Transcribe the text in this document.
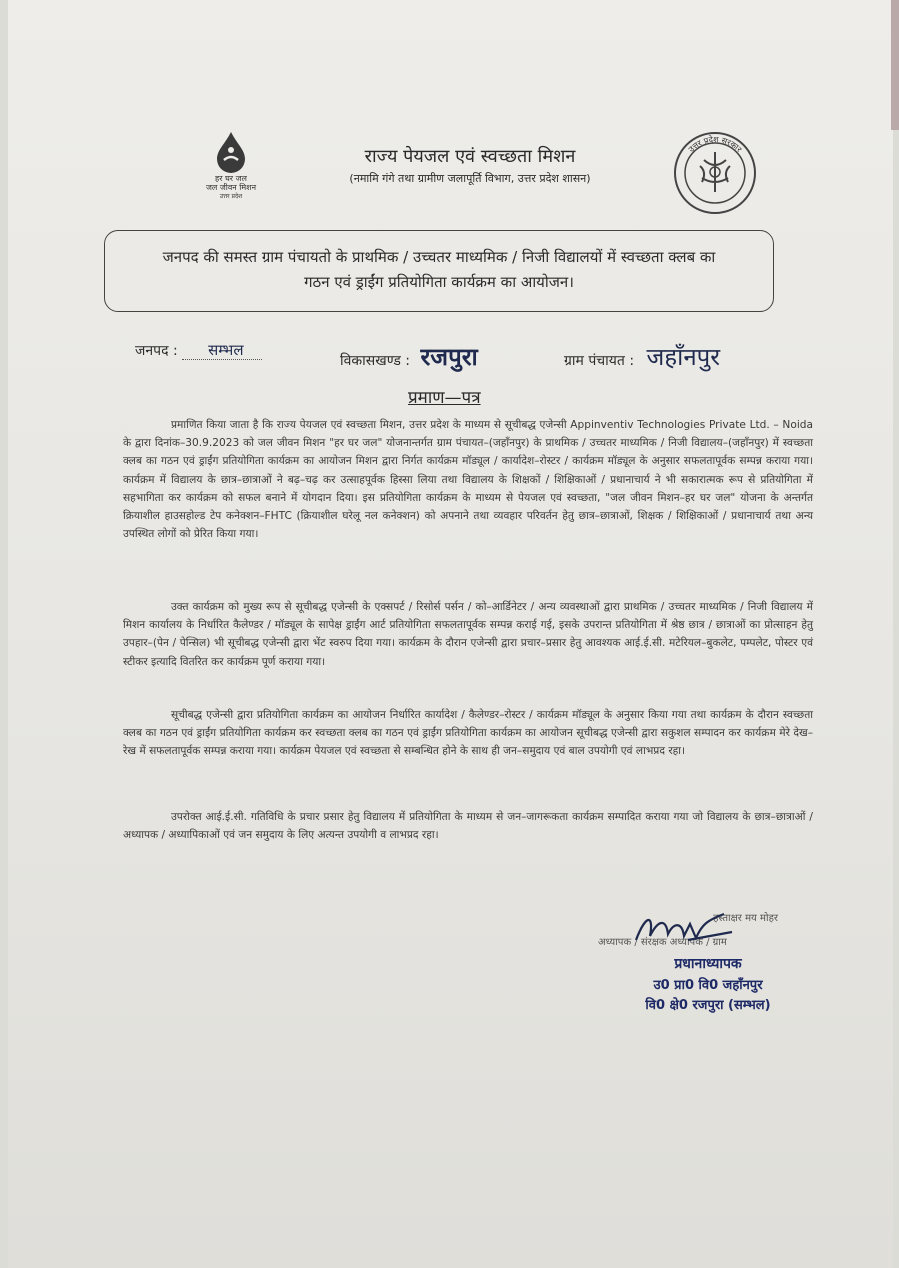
हर घर जल
जल जीवन मिशन
उत्तर प्रदेश
राज्य पेयजल एवं स्वच्छता मिशन
(नमामि गंगे तथा ग्रामीण जलापूर्ति विभाग, उत्तर प्रदेश शासन)
उत्तर प्रदेश सरकार
जनपद की समस्त ग्राम पंचायतो के प्राथमिक / उच्चतर माध्यमिक / निजी विद्यालयों में स्वच्छता क्लब का
गठन एवं ड्राईंग प्रतियोगिता कार्यक्रम का आयोजन।
जनपद : सम्भल
विकासखण्ड : रजपुरा	ग्राम पंचायत : जहाँनपुर
प्रमाण—पत्र
प्रमाणित किया जाता है कि राज्य पेयजल एवं स्वच्छता मिशन, उत्तर प्रदेश के माध्यम से सूचीबद्ध एजेन्सी Appinventiv Technologies Private Ltd. – Noida के द्वारा दिनांक–30.9.2023 को जल जीवन मिशन "हर घर जल" योजनान्तर्गत ग्राम पंचायत–(जहाँनपुर) के प्राथमिक / उच्चतर माध्यमिक / निजी विद्यालय–(जहाँनपुर) में स्वच्छता क्लब का गठन एवं ड्राईंग प्रतियोगिता कार्यक्रम का आयोजन मिशन द्वारा निर्गत कार्यक्रम मॉड्यूल / कार्यादेश–रोस्टर / कार्यक्रम मॉड्यूल के अनुसार सफलतापूर्वक सम्पन्न कराया गया। कार्यक्रम में विद्यालय के छात्र–छात्राओं ने बढ़–चढ़ कर उत्साहपूर्वक हिस्सा लिया तथा विद्यालय के शिक्षकों / शिक्षिकाओं / प्रधानाचार्य ने भी सकारात्मक रूप से प्रतियोगिता में सहभागिता कर कार्यक्रम को सफल बनाने में योगदान दिया। इस प्रतियोगिता कार्यक्रम के माध्यम से पेयजल एवं स्वच्छता, "जल जीवन मिशन–हर घर जल" योजना के अन्तर्गत क्रियाशील हाउसहोल्ड टेप कनेक्शन–FHTC (क्रियाशील घरेलू नल कनेक्शन) को अपनाने तथा व्यवहार परिवर्तन हेतु छात्र–छात्राओं, शिक्षक / शिक्षिकाओं / प्रधानाचार्य तथा अन्य उपस्थित लोगों को प्रेरित किया गया।
उक्त कार्यक्रम को मुख्य रूप से सूचीबद्ध एजेन्सी के एक्सपर्ट / रिसोर्स पर्सन / को–आर्डिनेटर / अन्य व्यवस्थाओं द्वारा प्राथमिक / उच्चतर माध्यमिक / निजी विद्यालय में मिशन कार्यालय के निर्धारित कैलेण्डर / मॉड्यूल के सापेक्ष ड्राईंग आर्ट प्रतियोगिता सफलतापूर्वक सम्पन्न कराई गई, इसके उपरान्त प्रतियोगिता में श्रेष्ठ छात्र / छात्राओं का प्रोत्साहन हेतु उपहार–(पेन / पेन्सिल) भी सूचीबद्ध एजेन्सी द्वारा भेंट स्वरुप दिया गया। कार्यक्रम के दौरान एजेन्सी द्वारा प्रचार–प्रसार हेतु आवश्यक आई.ई.सी. मटेरियल–बुकलेट, पम्पलेट, पोस्टर एवं स्टीकर इत्यादि वितरित कर कार्यक्रम पूर्ण कराया गया।
सूचीबद्ध एजेन्सी द्वारा प्रतियोगिता कार्यक्रम का आयोजन निर्धारित कार्यादेश / कैलेण्डर–रोस्टर / कार्यक्रम मॉड्यूल के अनुसार किया गया तथा कार्यक्रम के दौरान स्वच्छता क्लब का गठन एवं ड्राईंग प्रतियोगिता कार्यक्रम कर स्वच्छता क्लब का गठन एवं ड्राईंग प्रतियोगिता कार्यक्रम का आयोजन सूचीबद्ध एजेन्सी द्वारा सकुशल सम्पादन कर कार्यक्रम मेरे देख–रेख में सफलतापूर्वक सम्पन्न कराया गया। कार्यक्रम पेयजल एवं स्वच्छता से सम्बन्धित होने के साथ ही जन–समुदाय एवं बाल उपयोगी एवं लाभप्रद रहा।
उपरोक्त आई.ई.सी. गतिविधि के प्रचार प्रसार हेतु विद्यालय में प्रतियोगिता के माध्यम से जन–जागरूकता कार्यक्रम सम्पादित कराया गया जो विद्यालय के छात्र–छात्राओं / अध्यापक / अध्यापिकाओं एवं जन समुदाय के लिए अत्यन्त उपयोगी व लाभप्रद रहा।
हस्ताक्षर मय मोहर
अध्यापक / संरक्षक अध्यापक / ग्राम
प्रधानाध्यापक
उ0 प्रा0 वि0 जहाँनपुर
वि0 क्षे0 रजपुरा (सम्भल)
